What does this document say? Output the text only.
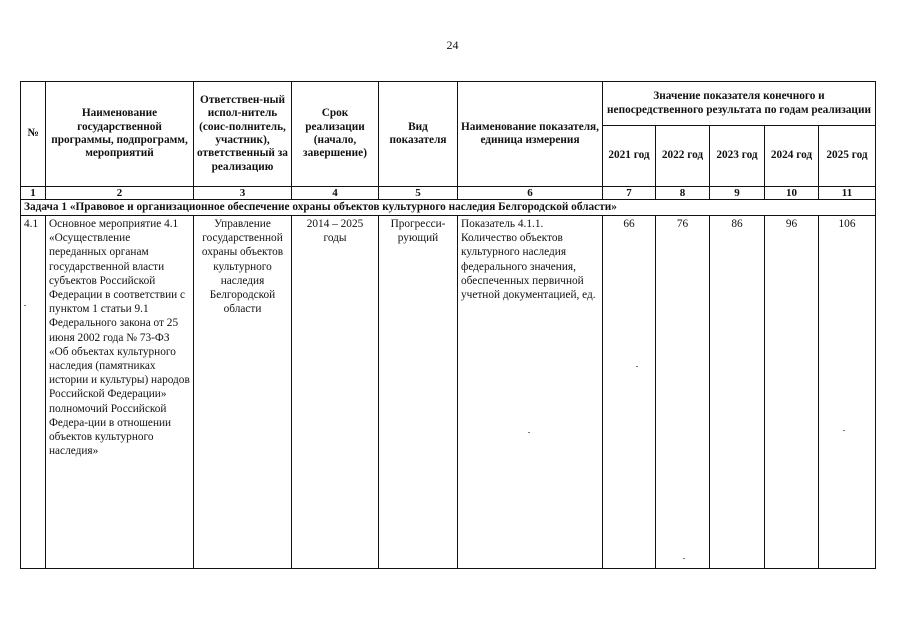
24
№	Наименование государственной программы, подпрограмм, мероприятий	Ответствен-ный испол-нитель (соис-полнитель, участник), ответственный за реализацию	Срок реализации (начало, завершение)	Вид показателя	Наименование показателя, единица измерения	Значение показателя конечного и непосредственного результата по годам реализации				
						2021 год	2022 год	2023 год	2024 год	2025 год
1	2	3	4	5	6	7	8	9	10	11
Задача 1 «Правовое и организационное обеспечение охраны объектов культурного наследия Белгородской области»										
4.1	Основное мероприятие 4.1 «Осуществление переданных органам государственной власти субъектов Российской Федерации в соответствии с пунктом 1 статьи 9.1 Федерального закона от 25 июня 2002 года № 73-ФЗ «Об объектах культурного наследия (памятниках истории и культуры) народов Российской Федерации» полномочий Российской Федера-ции в отношении объектов культурного наследия»	Управление государственной охраны объектов культурного наследия Белгородской области	2014 – 2025 годы	Прогресси-рующий	Показатель 4.1.1. Количество объектов культурного наследия федерального значения, обеспеченных первичной учетной документацией, ед.	66	76	86	96	106
